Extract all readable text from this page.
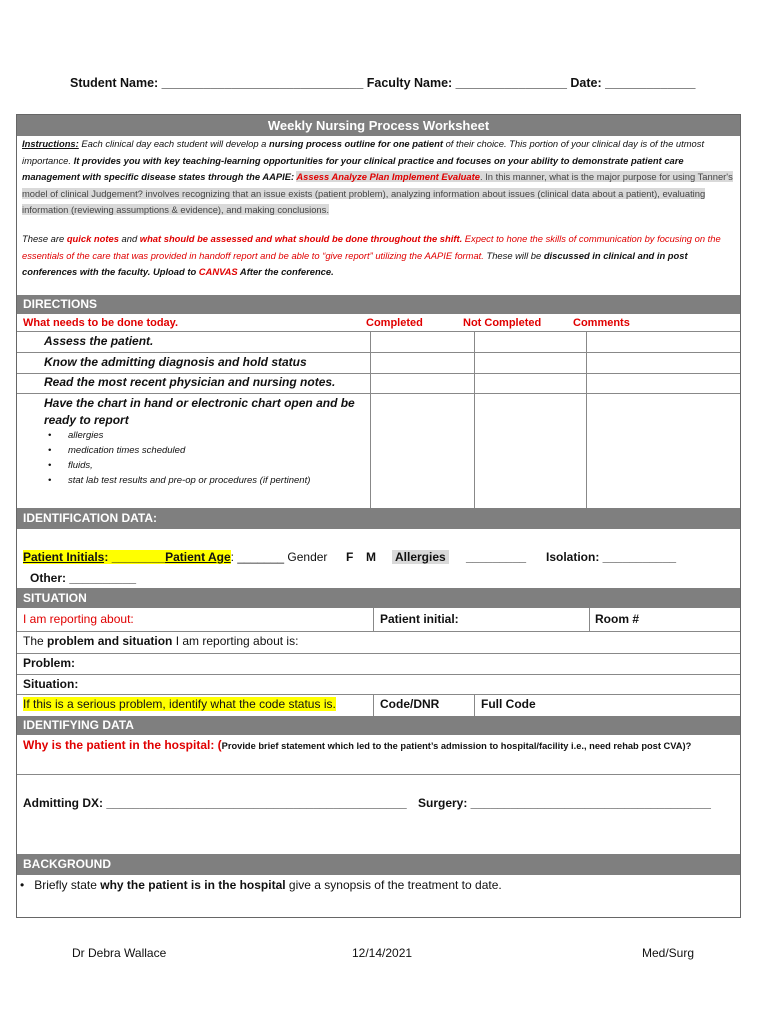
Student Name: _____________________________ Faculty Name: ________________ Date: _____________
Weekly Nursing Process Worksheet
Instructions: Each clinical day each student will develop a nursing process outline for one patient of their choice. This portion of your clinical day is of the utmost importance. It provides you with key teaching-learning opportunities for your clinical practice and focuses on your ability to demonstrate patient care management with specific disease states through the AAPIE: Assess Analyze Plan Implement Evaluate. In this manner, what is the major purpose for using Tanner's model of clinical Judgement? involves recognizing that an issue exists (patient problem), analyzing information about issues (clinical data about a patient), evaluating information (reviewing assumptions & evidence), and making conclusions.
These are quick notes and what should be assessed and what should be done throughout the shift. Expect to hone the skills of communication by focusing on the essentials of the care that was provided in handoff report and be able to “give report” utilizing the AAPIE format. These will be discussed in clinical and in post conferences with the faculty. Upload to CANVAS After the conference.
DIRECTIONS
What needs to be done today.	Completed	Not Completed	Comments
Assess the patient.
Know the admitting diagnosis and hold status
Read the most recent physician and nursing notes.
Have the chart in hand or electronic chart open and be ready to report
• allergies
• medication times scheduled
• fluids,
• stat lab test results and pre-op or procedures (if pertinent)
IDENTIFICATION DATA:
Patient Initials: ________Patient Age: _______ Gender F M Allergies _________ Isolation: ___________
Other: __________
SITUATION
I am reporting about:	Patient initial:	Room #
The problem and situation I am reporting about is:
Problem:
Situation:
If this is a serious problem, identify what the code status is.	Code/DNR	Full Code
IDENTIFYING DATA
Why is the patient in the hospital: (Provide brief statement which led to the patient’s admission to hospital/facility i.e., need rehab post CVA)?
Admitting DX: _____________________________________________ Surgery: ____________________________________
BACKGROUND
• Briefly state why the patient is in the hospital give a synopsis of the treatment to date.
Dr Debra Wallace	12/14/2021	Med/Surg
